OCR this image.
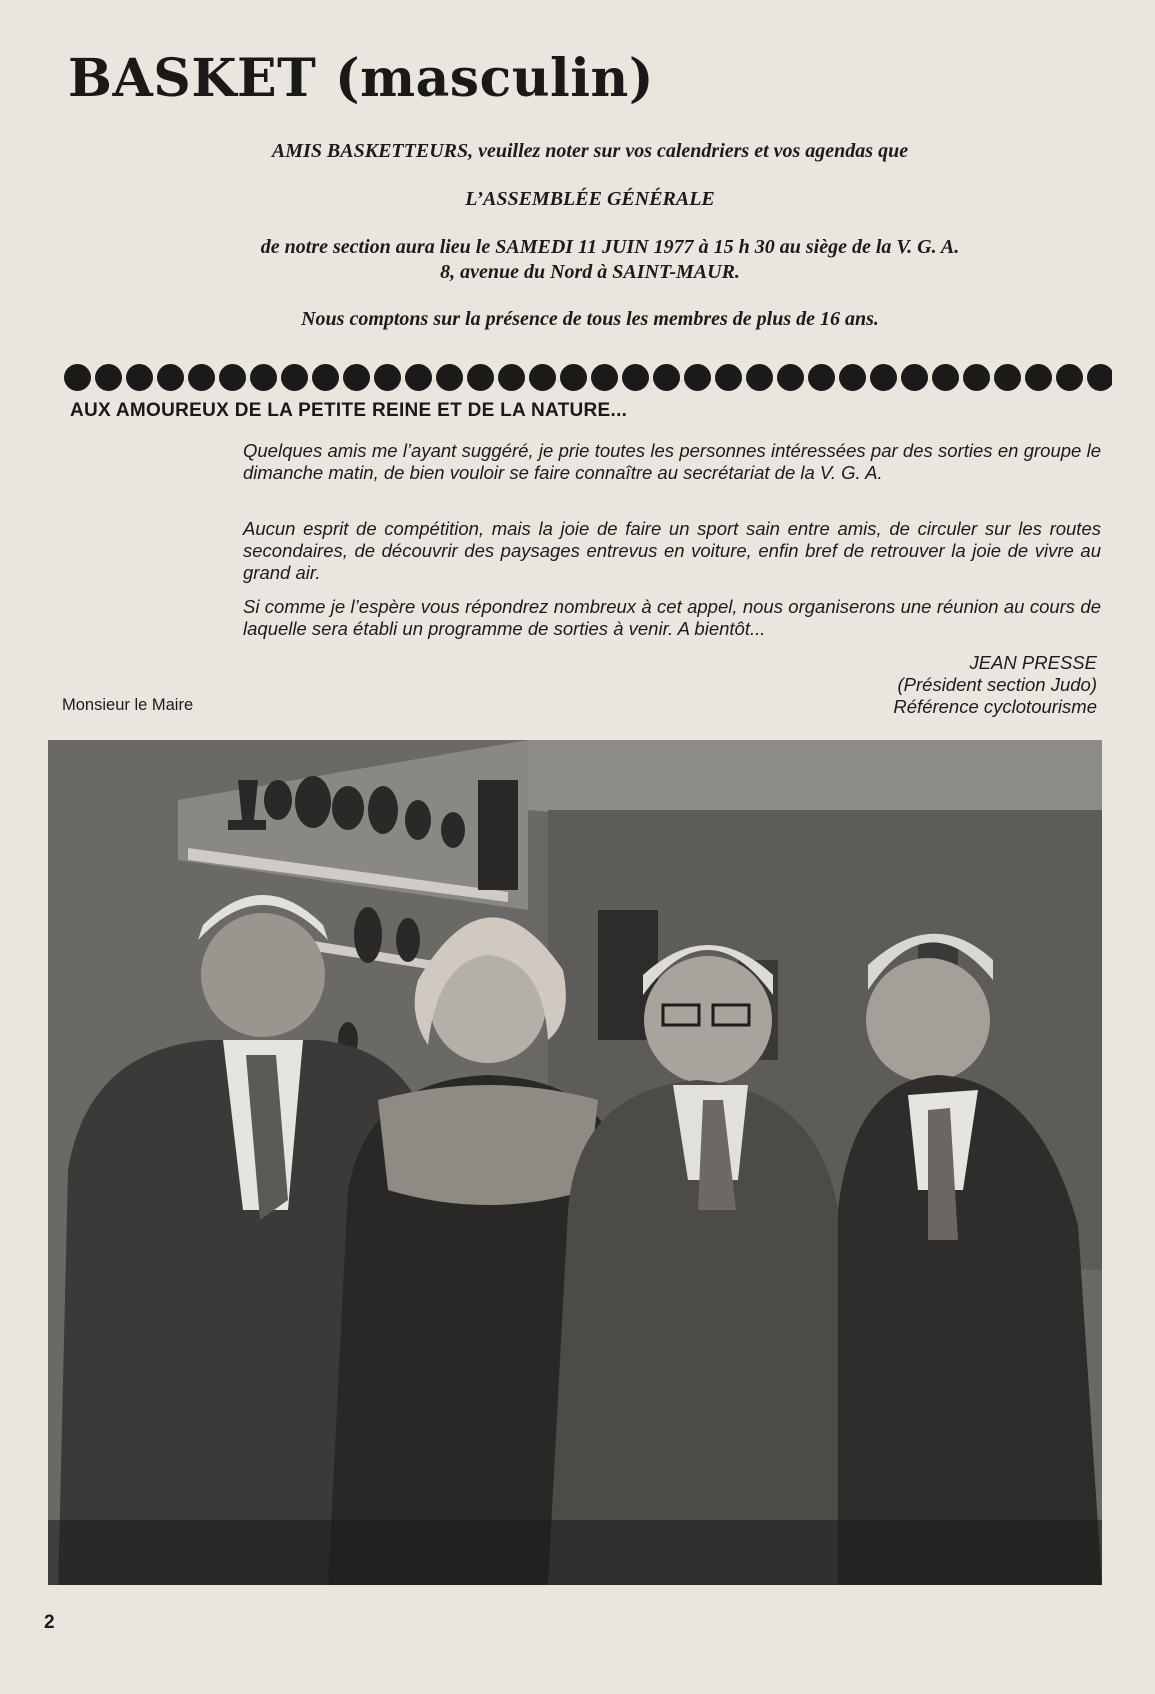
BASKET (masculin)
AMIS BASKETTEURS, veuillez noter sur vos calendriers et vos agendas que
L’ASSEMBLÉE GÉNÉRALE
de notre section aura lieu le SAMEDI 11 JUIN 1977 à 15 h 30 au siège de la V. G. A.
8, avenue du Nord à SAINT-MAUR.
Nous comptons sur la présence de tous les membres de plus de 16 ans.
AUX AMOUREUX DE LA PETITE REINE ET DE LA NATURE...

Quelques amis me l’ayant suggéré, je prie toutes les personnes intéressées par des sorties en groupe le dimanche matin, de bien vouloir se faire connaître au secrétariat de la V. G. A.

Aucun esprit de compétition, mais la joie de faire un sport sain entre amis, de circuler sur les routes secondaires, de découvrir des paysages entrevus en voiture, enfin bref de retrouver la joie de vivre au grand air.

Si comme je l’espère vous répondrez nombreux à cet appel, nous organiserons une réunion au cours de laquelle sera établi un programme de sorties à venir. A bientôt...

JEAN PRESSE
(Président section Judo)
Référence cyclotourisme

Monsieur le Maire

2
